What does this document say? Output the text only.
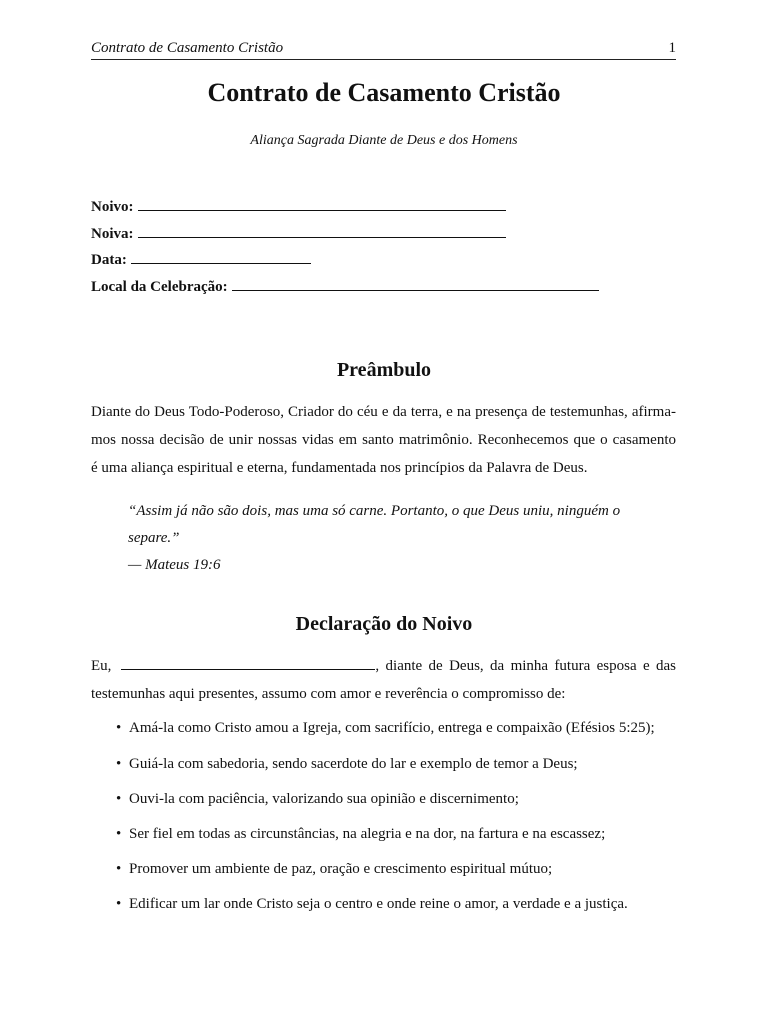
Contrato de Casamento Cristão	1
Contrato de Casamento Cristão
Aliança Sagrada Diante de Deus e dos Homens
Noivo:
Noiva:
Data:
Local da Celebração:
Preâmbulo
Diante do Deus Todo-Poderoso, Criador do céu e da terra, e na presença de testemunhas, afirma-
mos nossa decisão de unir nossas vidas em santo matrimônio. Reconhecemos que o casamento
é uma aliança espiritual e eterna, fundamentada nos princípios da Palavra de Deus.
“Assim já não são dois, mas uma só carne. Portanto, o que Deus uniu, ninguém o
separe.”
— Mateus 19:6
Declaração do Noivo
Eu,	, diante de Deus, da minha futura esposa e das
testemunhas aqui presentes, assumo com amor e reverência o compromisso de:
• Amá-la como Cristo amou a Igreja, com sacrifício, entrega e compaixão (Efésios 5:25);
• Guiá-la com sabedoria, sendo sacerdote do lar e exemplo de temor a Deus;
• Ouvi-la com paciência, valorizando sua opinião e discernimento;
• Ser fiel em todas as circunstâncias, na alegria e na dor, na fartura e na escassez;
• Promover um ambiente de paz, oração e crescimento espiritual mútuo;
• Edificar um lar onde Cristo seja o centro e onde reine o amor, a verdade e a justiça.
